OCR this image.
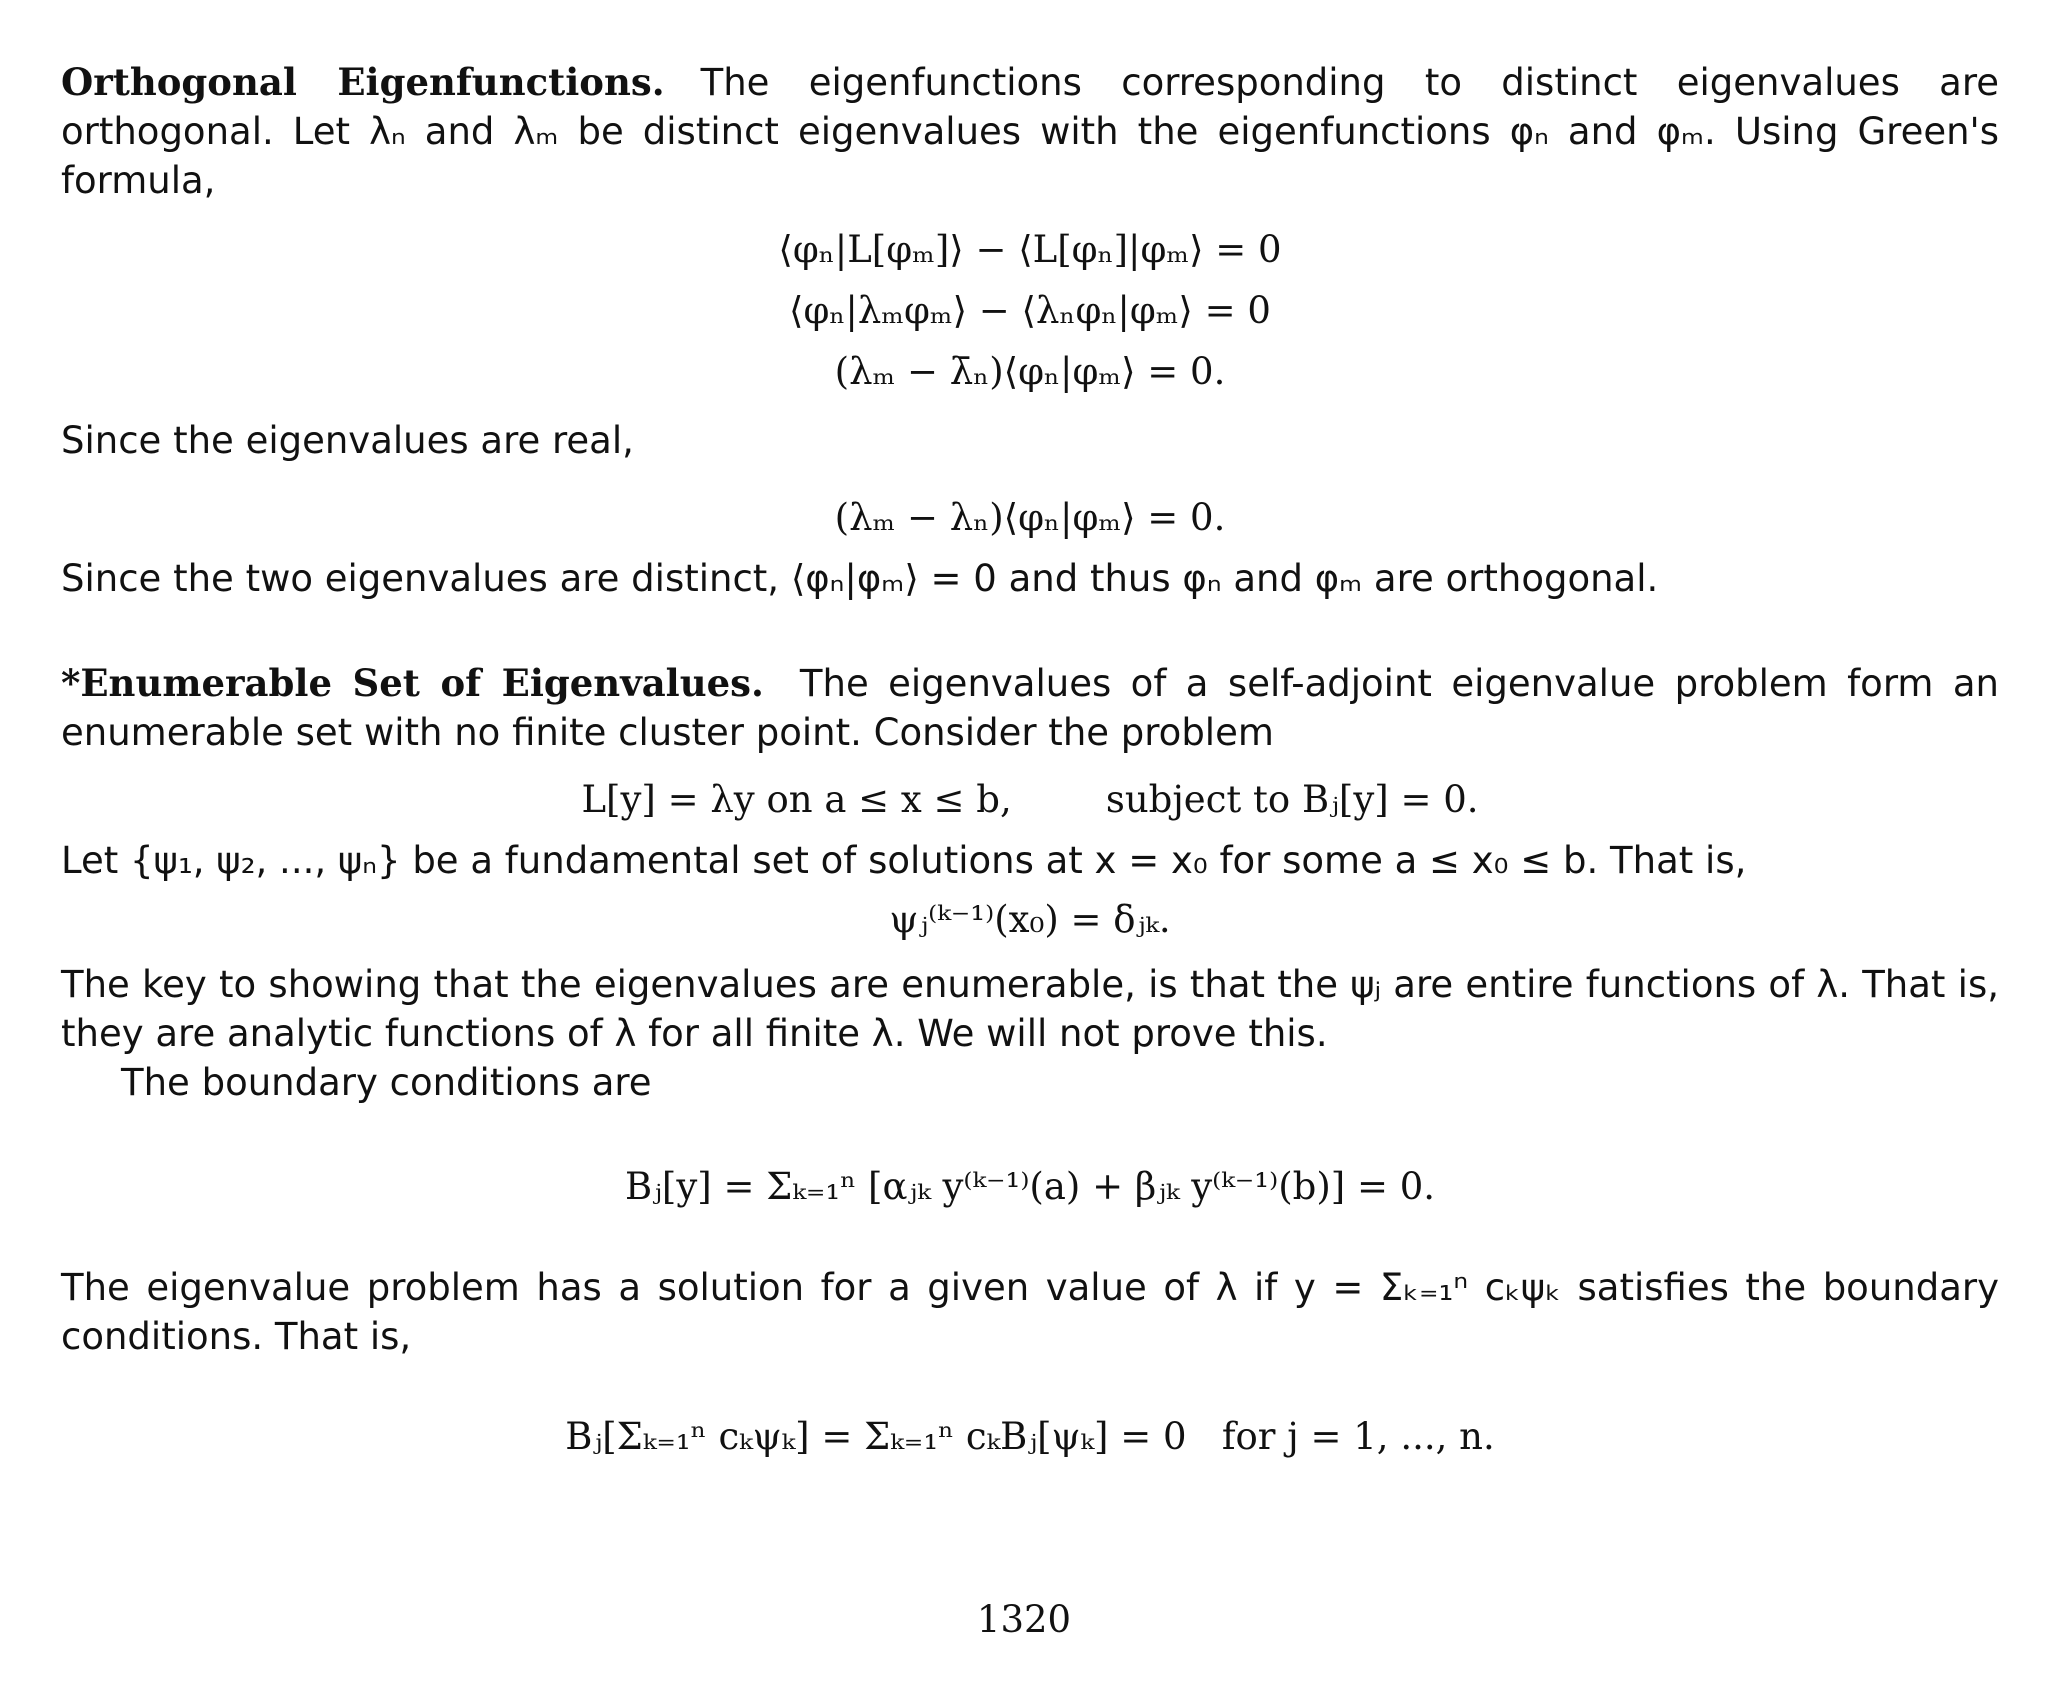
Orthogonal Eigenfunctions. The eigenfunctions corresponding to distinct eigenvalues are orthogonal. Let λₙ and λₘ be distinct eigenvalues with the eigenfunctions φₙ and φₘ. Using Green's formula,

⟨φₙ|L[φₘ]⟩ − ⟨L[φₙ]|φₘ⟩ = 0
⟨φₙ|λₘφₘ⟩ − ⟨λₙφₙ|φₘ⟩ = 0
(λₘ − λ̄ₙ)⟨φₙ|φₘ⟩ = 0.

Since the eigenvalues are real,

(λₘ − λₙ)⟨φₙ|φₘ⟩ = 0.

Since the two eigenvalues are distinct, ⟨φₙ|φₘ⟩ = 0 and thus φₙ and φₘ are orthogonal.

*Enumerable Set of Eigenvalues. The eigenvalues of a self-adjoint eigenvalue problem form an enumerable set with no finite cluster point. Consider the problem

L[y] = λy on a ≤ x ≤ b,        subject to Bⱼ[y] = 0.

Let {ψ₁, ψ₂, ..., ψₙ} be a fundamental set of solutions at x = x₀ for some a ≤ x₀ ≤ b. That is,

ψⱼ⁽ᵏ⁻¹⁾(x₀) = δⱼₖ.

The key to showing that the eigenvalues are enumerable, is that the ψⱼ are entire functions of λ. That is, they are analytic functions of λ for all finite λ. We will not prove this.

The boundary conditions are

Bⱼ[y] = Σₖ₌₁ⁿ [αⱼₖ y⁽ᵏ⁻¹⁾(a) + βⱼₖ y⁽ᵏ⁻¹⁾(b)] = 0.

The eigenvalue problem has a solution for a given value of λ if y = Σₖ₌₁ⁿ cₖψₖ satisfies the boundary conditions. That is,

Bⱼ[Σₖ₌₁ⁿ cₖψₖ] = Σₖ₌₁ⁿ cₖBⱼ[ψₖ] = 0   for j = 1, ..., n.
1320
